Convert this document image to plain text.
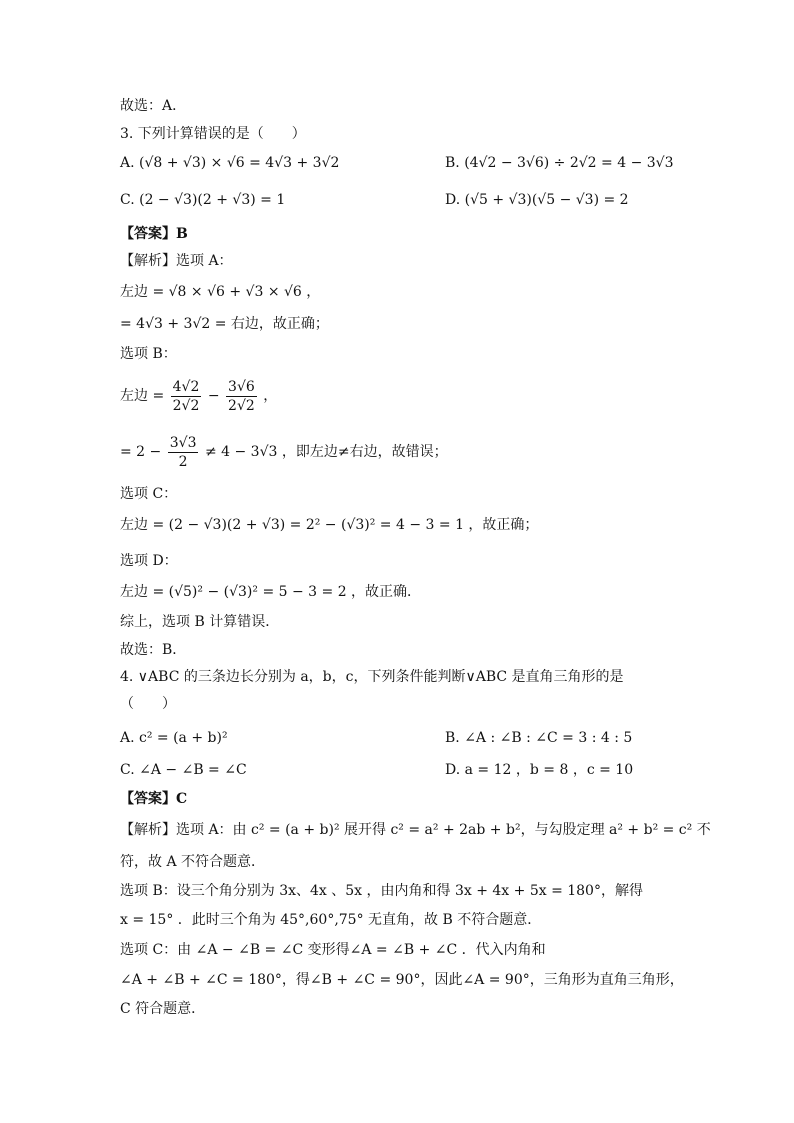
故选：A．
3. 下列计算错误的是（　　）
A. (√8 + √3) × √6 = 4√3 + 3√2	B. (4√2 − 3√6) ÷ 2√2 = 4 − 3√3
C. (2 − √3)(2 + √3) = 1	D. (√5 + √3)(√5 − √3) = 2
【答案】B
【解析】选项 A：
左边 = √8 × √6 + √3 × √6 ，
= 4√3 + 3√2 = 右边，故正确；
选项 B：
左边 = $\frac{4√2}{2√2} - \frac{3√6}{2√2}$ ，
= $2 - \frac{3√3}{2} \ne 4 - 3√3$ ，即左边≠右边，故错误；
选项 C：
左边 = (2 − √3)(2 + √3) = 2² − (√3)² = 4 − 3 = 1 ，故正确；
选项 D：
左边 = (√5)² − (√3)² = 5 − 3 = 2 ，故正确．
综上，选项 B 计算错误．
故选：B．
4. ∨ABC 的三条边长分别为 a，b，c，下列条件能判断∨ABC 是直角三角形的是
（　　）
A. c² = (a + b)²	B. ∠A : ∠B : ∠C = 3 : 4 : 5
C. ∠A − ∠B = ∠C	D. a = 12 ，b = 8 ，c = 10
【答案】C
【解析】选项 A：由 c² = (a + b)² 展开得 c² = a² + 2ab + b²，与勾股定理 a² + b² = c² 不
符，故 A 不符合题意．
选项 B：设三个角分别为 3x、4x 、5x ，由内角和得 3x + 4x + 5x = 180°，解得
x = 15° ．此时三个角为 45°,60°,75° 无直角，故 B 不符合题意．
选项 C：由 ∠A − ∠B = ∠C 变形得∠A = ∠B + ∠C ．代入内角和
∠A + ∠B + ∠C = 180°，得∠B + ∠C = 90°，因此∠A = 90°，三角形为直角三角形，
C 符合题意．
